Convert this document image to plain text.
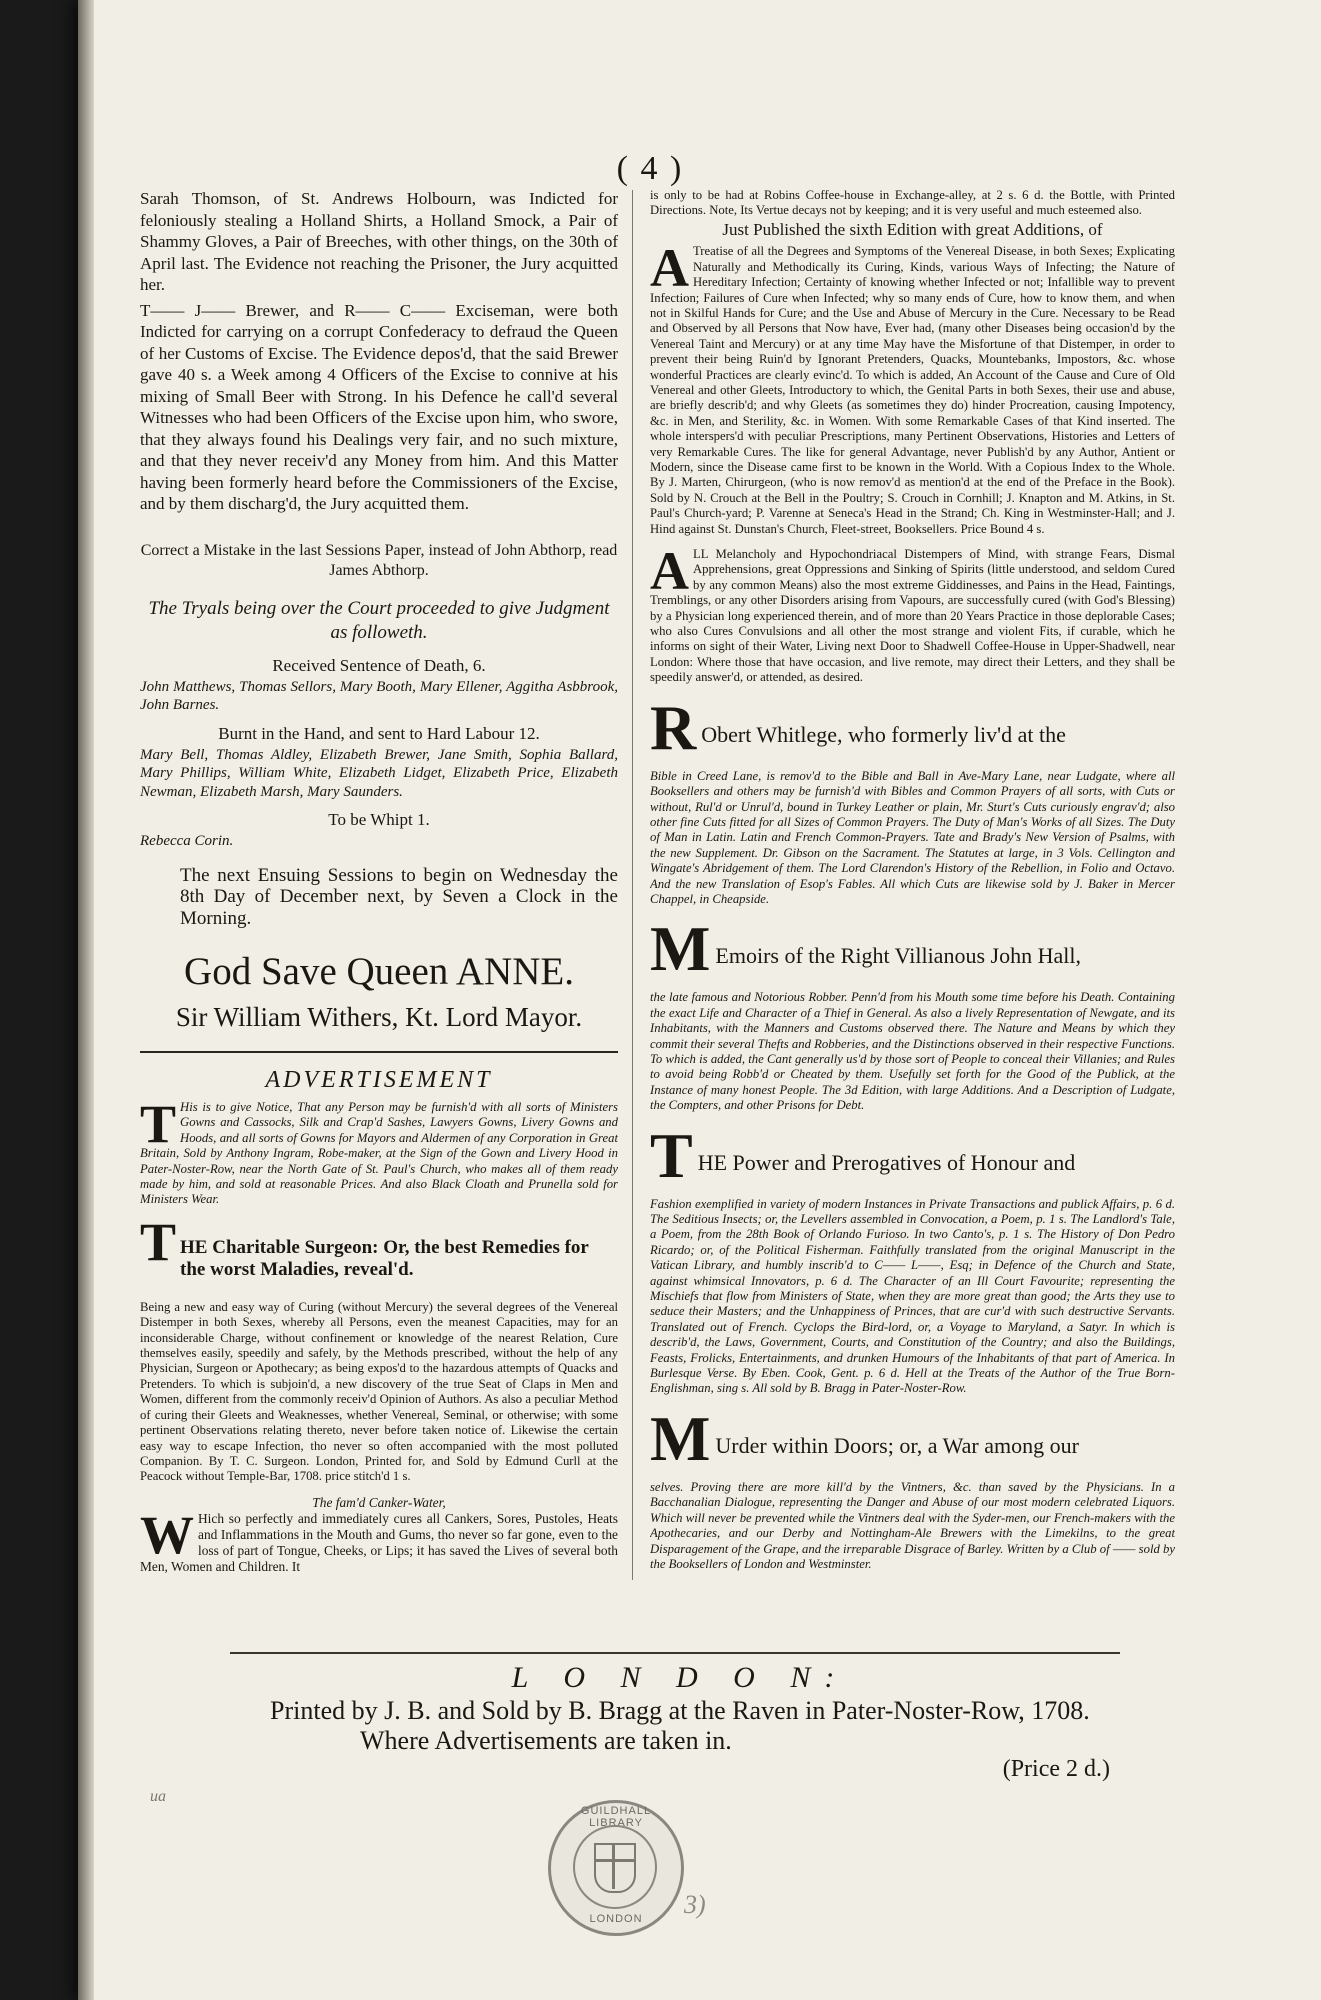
( 4 )

Sarah Thomson, of St. Andrews Holbourn, was Indicted for feloniously stealing a Holland Shirts, a Holland Smock, a Pair of Shammy Gloves, a Pair of Breeches, with other things, on the 30th of April last. The Evidence not reaching the Prisoner, the Jury acquitted her.

T—— J—— Brewer, and R—— C—— Exciseman, were both Indicted for carrying on a corrupt Confederacy to defraud the Queen of her Customs of Excise. The Evidence depos'd, that the said Brewer gave 40 s. a Week among 4 Officers of the Excise to connive at his mixing of Small Beer with Strong. In his Defence he call'd several Witnesses who had been Officers of the Excise upon him, who swore, that they always found his Dealings very fair, and no such mixture, and that they never receiv'd any Money from him. And this Matter having been formerly heard before the Commissioners of the Excise, and by them discharg'd, the Jury acquitted them.

Correct a Mistake in the last Sessions Paper, instead of John Abthorp, read James Abthorp.

The Tryals being over the Court proceeded to give Judgment as followeth.

Received Sentence of Death, 6.

John Matthews, Thomas Sellors, Mary Booth, Mary Ellener, Aggitha Asbbrook, John Barnes.

Burnt in the Hand, and sent to Hard Labour 12.

Mary Bell, Thomas Aldley, Elizabeth Brewer, Jane Smith, Sophia Ballard, Mary Phillips, William White, Elizabeth Lidget, Elizabeth Price, Elizabeth Newman, Elizabeth Marsh, Mary Saunders.

To be Whipt 1.

Rebecca Corin.

The next Ensuing Sessions to begin on Wednesday the 8th Day of December next, by Seven a Clock in the Morning.

God Save Queen ANNE.

Sir William Withers, Kt. Lord Mayor.

ADVERTISEMENT

T His is to give Notice, That any Person may be furnish'd with all sorts of Ministers Gowns and Cassocks, Silk and Crap'd Sashes, Lawyers Gowns, Livery Gowns and Hoods, and all sorts of Gowns for Mayors and Aldermen of any Corporation in Great Britain, Sold by Anthony Ingram, Robe-maker, at the Sign of the Gown and Livery Hood in Pater-Noster-Row, near the North Gate of St. Paul's Church, who makes all of them ready made by him, and sold at reasonable Prices. And also Black Cloath and Prunella sold for Ministers Wear.

T HE Charitable Surgeon: Or, the best Remedies for the worst Maladies, reveal'd.

Being a new and easy way of Curing (without Mercury) the several degrees of the Venereal Distemper in both Sexes, whereby all Persons, even the meanest Capacities, may for an inconsiderable Charge, without confinement or knowledge of the nearest Relation, Cure themselves easily, speedily and safely, by the Methods prescribed, without the help of any Physician, Surgeon or Apothecary; as being expos'd to the hazardous attempts of Quacks and Pretenders. To which is subjoin'd, a new discovery of the true Seat of Claps in Men and Women, different from the commonly receiv'd Opinion of Authors. As also a peculiar Method of curing their Gleets and Weaknesses, whether Venereal, Seminal, or otherwise; with some pertinent Observations relating thereto, never before taken notice of. Likewise the certain easy way to escape Infection, tho never so often accompanied with the most polluted Companion. By T. C. Surgeon. London, Printed for, and Sold by Edmund Curll at the Peacock without Temple-Bar, 1708. price stitch'd 1 s.

The fam'd Canker-Water,

W Hich so perfectly and immediately cures all Cankers, Sores, Pustoles, Heats and Inflammations in the Mouth and Gums, tho never so far gone, even to the loss of part of Tongue, Cheeks, or Lips; it has saved the Lives of several both Men, Women and Children. It

is only to be had at Robins Coffee-house in Exchange-alley, at 2 s. 6 d. the Bottle, with Printed Directions. Note, Its Vertue decays not by keeping; and it is very useful and much esteemed also.

Just Published the sixth Edition with great Additions, of

A Treatise of all the Degrees and Symptoms of the Venereal Disease, in both Sexes; Explicating Naturally and Methodically its Curing, Kinds, various Ways of Infecting; the Nature of Hereditary Infection; Certainty of knowing whether Infected or not; Infallible way to prevent Infection; Failures of Cure when Infected; why so many ends of Cure, how to know them, and when not in Skilful Hands for Cure; and the Use and Abuse of Mercury in the Cure. Necessary to be Read and Observed by all Persons that Now have, Ever had, (many other Diseases being occasion'd by the Venereal Taint and Mercury) or at any time May have the Misfortune of that Distemper, in order to prevent their being Ruin'd by Ignorant Pretenders, Quacks, Mountebanks, Impostors, &c. whose wonderful Practices are clearly evinc'd. To which is added, An Account of the Cause and Cure of Old Venereal and other Gleets, Introductory to which, the Genital Parts in both Sexes, their use and abuse, are briefly describ'd; and why Gleets (as sometimes they do) hinder Procreation, causing Impotency, &c. in Men, and Sterility, &c. in Women. With some Remarkable Cases of that Kind inserted. The whole interspers'd with peculiar Prescriptions, many Pertinent Observations, Histories and Letters of very Remarkable Cures. The like for general Advantage, never Publish'd by any Author, Antient or Modern, since the Disease came first to be known in the World. With a Copious Index to the Whole. By J. Marten, Chirurgeon, (who is now remov'd as mention'd at the end of the Preface in the Book). Sold by N. Crouch at the Bell in the Poultry; S. Crouch in Cornhill; J. Knapton and M. Atkins, in St. Paul's Church-yard; P. Varenne at Seneca's Head in the Strand; Ch. King in Westminster-Hall; and J. Hind against St. Dunstan's Church, Fleet-street, Booksellers. Price Bound 4 s.

A LL Melancholy and Hypochondriacal Distempers of Mind, with strange Fears, Dismal Apprehensions, great Oppressions and Sinking of Spirits (little understood, and seldom Cured by any common Means) also the most extreme Giddinesses, and Pains in the Head, Faintings, Tremblings, or any other Disorders arising from Vapours, are successfully cured (with God's Blessing) by a Physician long experienced therein, and of more than 20 Years Practice in those deplorable Cases; who also Cures Convulsions and all other the most strange and violent Fits, if curable, which he informs on sight of their Water, Living next Door to Shadwell Coffee-House in Upper-Shadwell, near London: Where those that have occasion, and live remote, may direct their Letters, and they shall be speedily answer'd, or attended, as desired.

R Obert Whitlege, who formerly liv'd at the

Bible in Creed Lane, is remov'd to the Bible and Ball in Ave-Mary Lane, near Ludgate, where all Booksellers and others may be furnish'd with Bibles and Common Prayers of all sorts, with Cuts or without, Rul'd or Unrul'd, bound in Turkey Leather or plain, Mr. Sturt's Cuts curiously engrav'd; also other fine Cuts fitted for all Sizes of Common Prayers. The Duty of Man's Works of all Sizes. The Duty of Man in Latin. Latin and French Common-Prayers. Tate and Brady's New Version of Psalms, with the new Supplement. Dr. Gibson on the Sacrament. The Statutes at large, in 3 Vols. Cellington and Wingate's Abridgement of them. The Lord Clarendon's History of the Rebellion, in Folio and Octavo. And the new Translation of Esop's Fables. All which Cuts are likewise sold by J. Baker in Mercer Chappel, in Cheapside.

M Emoirs of the Right Villianous John Hall,

the late famous and Notorious Robber. Penn'd from his Mouth some time before his Death. Containing the exact Life and Character of a Thief in General. As also a lively Representation of Newgate, and its Inhabitants, with the Manners and Customs observed there. The Nature and Means by which they commit their several Thefts and Robberies, and the Distinctions observed in their respective Functions. To which is added, the Cant generally us'd by those sort of People to conceal their Villanies; and Rules to avoid being Robb'd or Cheated by them. Usefully set forth for the Good of the Publick, at the Instance of many honest People. The 3d Edition, with large Additions. And a Description of Ludgate, the Compters, and other Prisons for Debt.

T HE Power and Prerogatives of Honour and

Fashion exemplified in variety of modern Instances in Private Transactions and publick Affairs, p. 6 d. The Seditious Insects; or, the Levellers assembled in Convocation, a Poem, p. 1 s. The Landlord's Tale, a Poem, from the 28th Book of Orlando Furioso. In two Canto's, p. 1 s. The History of Don Pedro Ricardo; or, of the Political Fisherman. Faithfully translated from the original Manuscript in the Vatican Library, and humbly inscrib'd to C—— L——, Esq; in Defence of the Church and State, against whimsical Innovators, p. 6 d. The Character of an Ill Court Favourite; representing the Mischiefs that flow from Ministers of State, when they are more great than good; the Arts they use to seduce their Masters; and the Unhappiness of Princes, that are cur'd with such destructive Servants. Translated out of French. Cyclops the Bird-lord, or, a Voyage to Maryland, a Satyr. In which is describ'd, the Laws, Government, Courts, and Constitution of the Country; and also the Buildings, Feasts, Frolicks, Entertainments, and drunken Humours of the Inhabitants of that part of America. In Burlesque Verse. By Eben. Cook, Gent. p. 6 d. Hell at the Treats of the Author of the True Born-Englishman, sing s. All sold by B. Bragg in Pater-Noster-Row.

M Urder within Doors; or, a War among our

selves. Proving there are more kill'd by the Vintners, &c. than saved by the Physicians. In a Bacchanalian Dialogue, representing the Danger and Abuse of our most modern celebrated Liquors. Which will never be prevented while the Vintners deal with the Syder-men, our French-makers with the Apothecaries, and our Derby and Nottingham-Ale Brewers with the Limekilns, to the great Disparagement of the Grape, and the irreparable Disgrace of Barley. Written by a Club of —— sold by the Booksellers of London and Westminster.

L O N D O N:

Printed by J. B. and Sold by B. Bragg at the Raven in Pater-Noster-Row, 1708.

Where Advertisements are taken in.

(Price 2 d.)
GUILDHALL LIBRARY
LONDON	3)
ua
